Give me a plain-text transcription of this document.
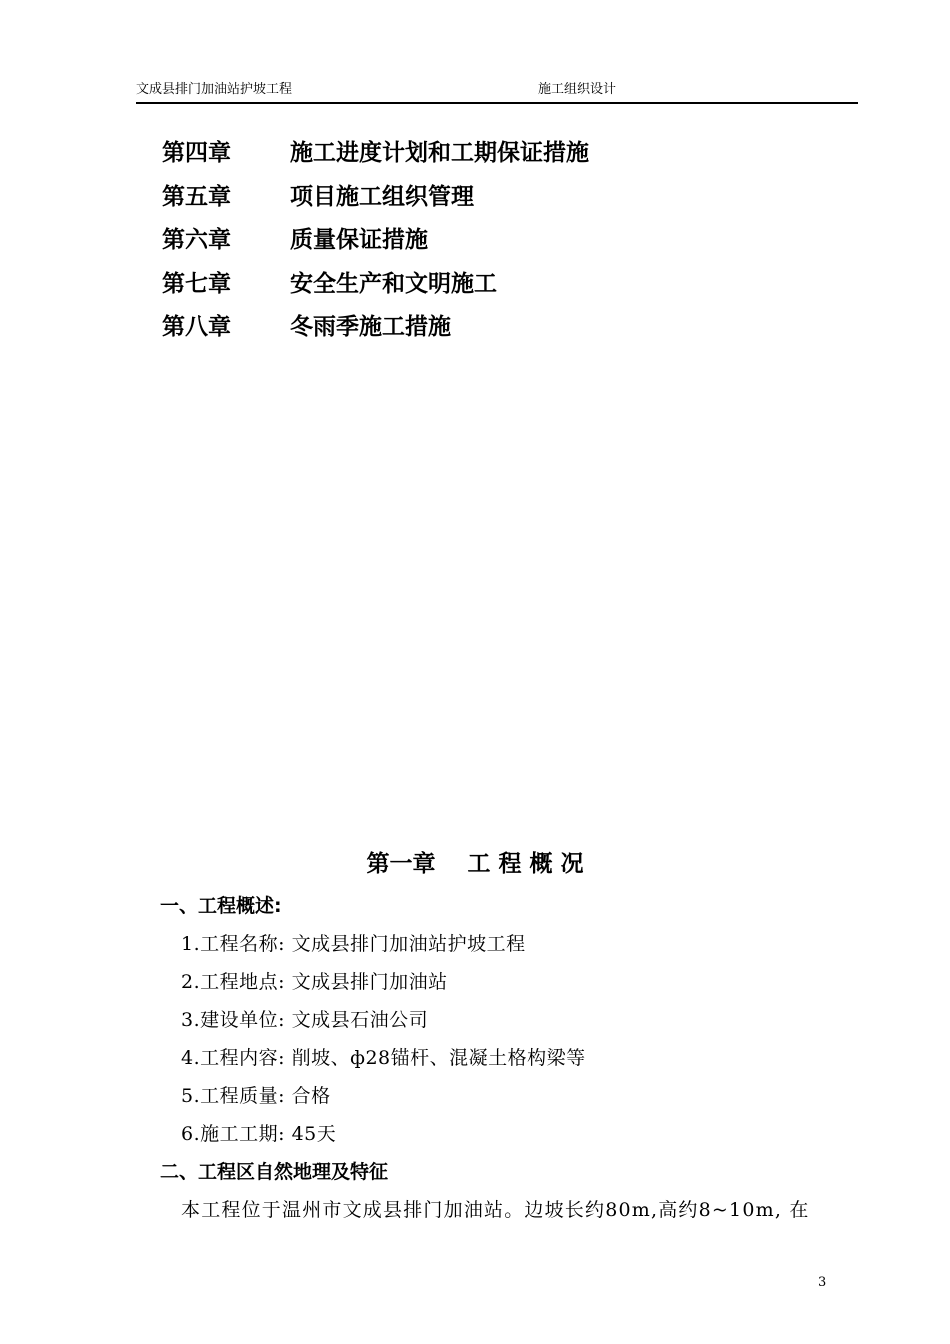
文成县排门加油站护坡工程	施工组织设计
第四章	施工进度计划和工期保证措施
第五章	项目施工组织管理
第六章	质量保证措施
第七章	安全生产和文明施工
第八章	冬雨季施工措施
第一章    工 程 概 况
一、工程概述:
1.工程名称: 文成县排门加油站护坡工程
2.工程地点: 文成县排门加油站
3.建设单位: 文成县石油公司
4.工程内容: 削坡、ф28锚杆、混凝土格构梁等
5.工程质量: 合格
6.施工工期: 45天
二、工程区自然地理及特征
本工程位于温州市文成县排门加油站。边坡长约80m,高约8~10m, 在
3
